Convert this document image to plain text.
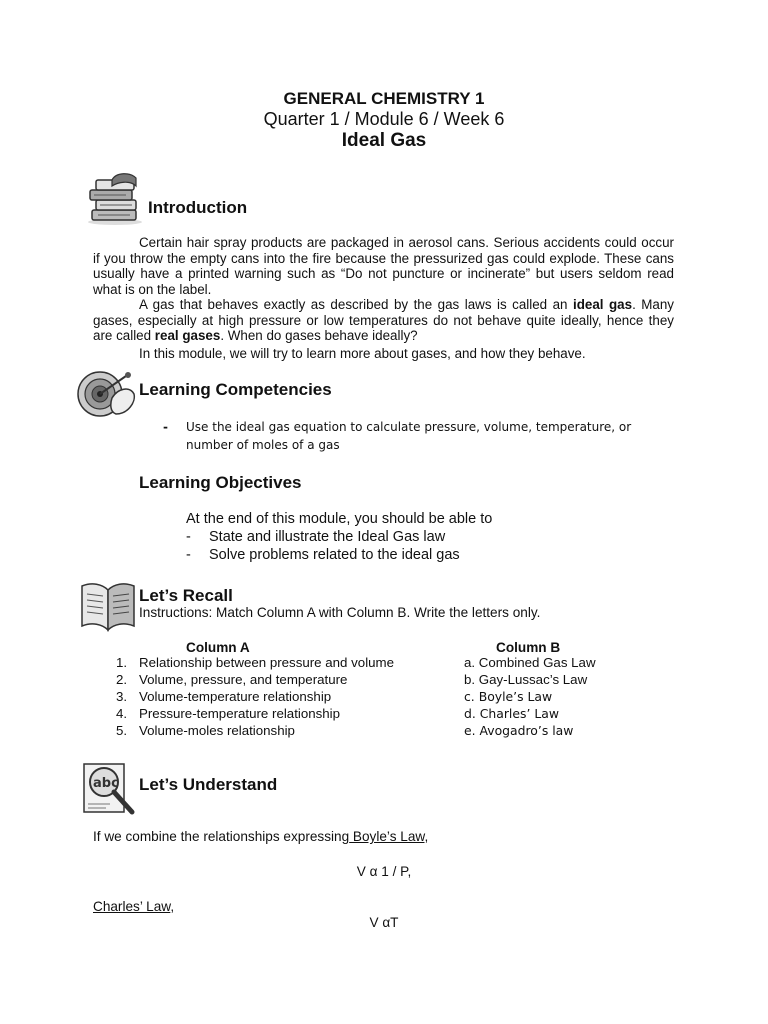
GENERAL CHEMISTRY 1
Quarter 1 / Module 6 / Week 6
Ideal Gas
Introduction
Certain hair spray products are packaged in aerosol cans. Serious accidents could occur if you throw the empty cans into the fire because the pressurized gas could explode. These cans usually have a printed warning such as “Do not puncture or incinerate” but users seldom read what is on the label.
A gas that behaves exactly as described by the gas laws is called an ideal gas. Many gases, especially at high pressure or low temperatures do not behave quite ideally, hence they are called real gases. When do gases behave ideally?
In this module, we will try to learn more about gases, and how they behave.
Learning Competencies
- Use the ideal gas equation to calculate pressure, volume, temperature, or
number of moles of a gas
Learning Objectives
At the end of this module, you should be able to
- State and illustrate the Ideal Gas law
- Solve problems related to the ideal gas
Let’s Recall
Instructions: Match Column A with Column B. Write the letters only.
Column A	Column B
1. Relationship between pressure and volume
2. Volume, pressure, and temperature
3. Volume-temperature relationship
4. Pressure-temperature relationship
5. Volume-moles relationship
a. Combined Gas Law
b. Gay-Lussac’s Law
c. Boyle’s Law
d. Charles’ Law
e. Avogadro’s law
abc Let’s Understand
If we combine the relationships expressing Boyle’s Law,
V α 1 / P,
Charles’ Law,
V αT
